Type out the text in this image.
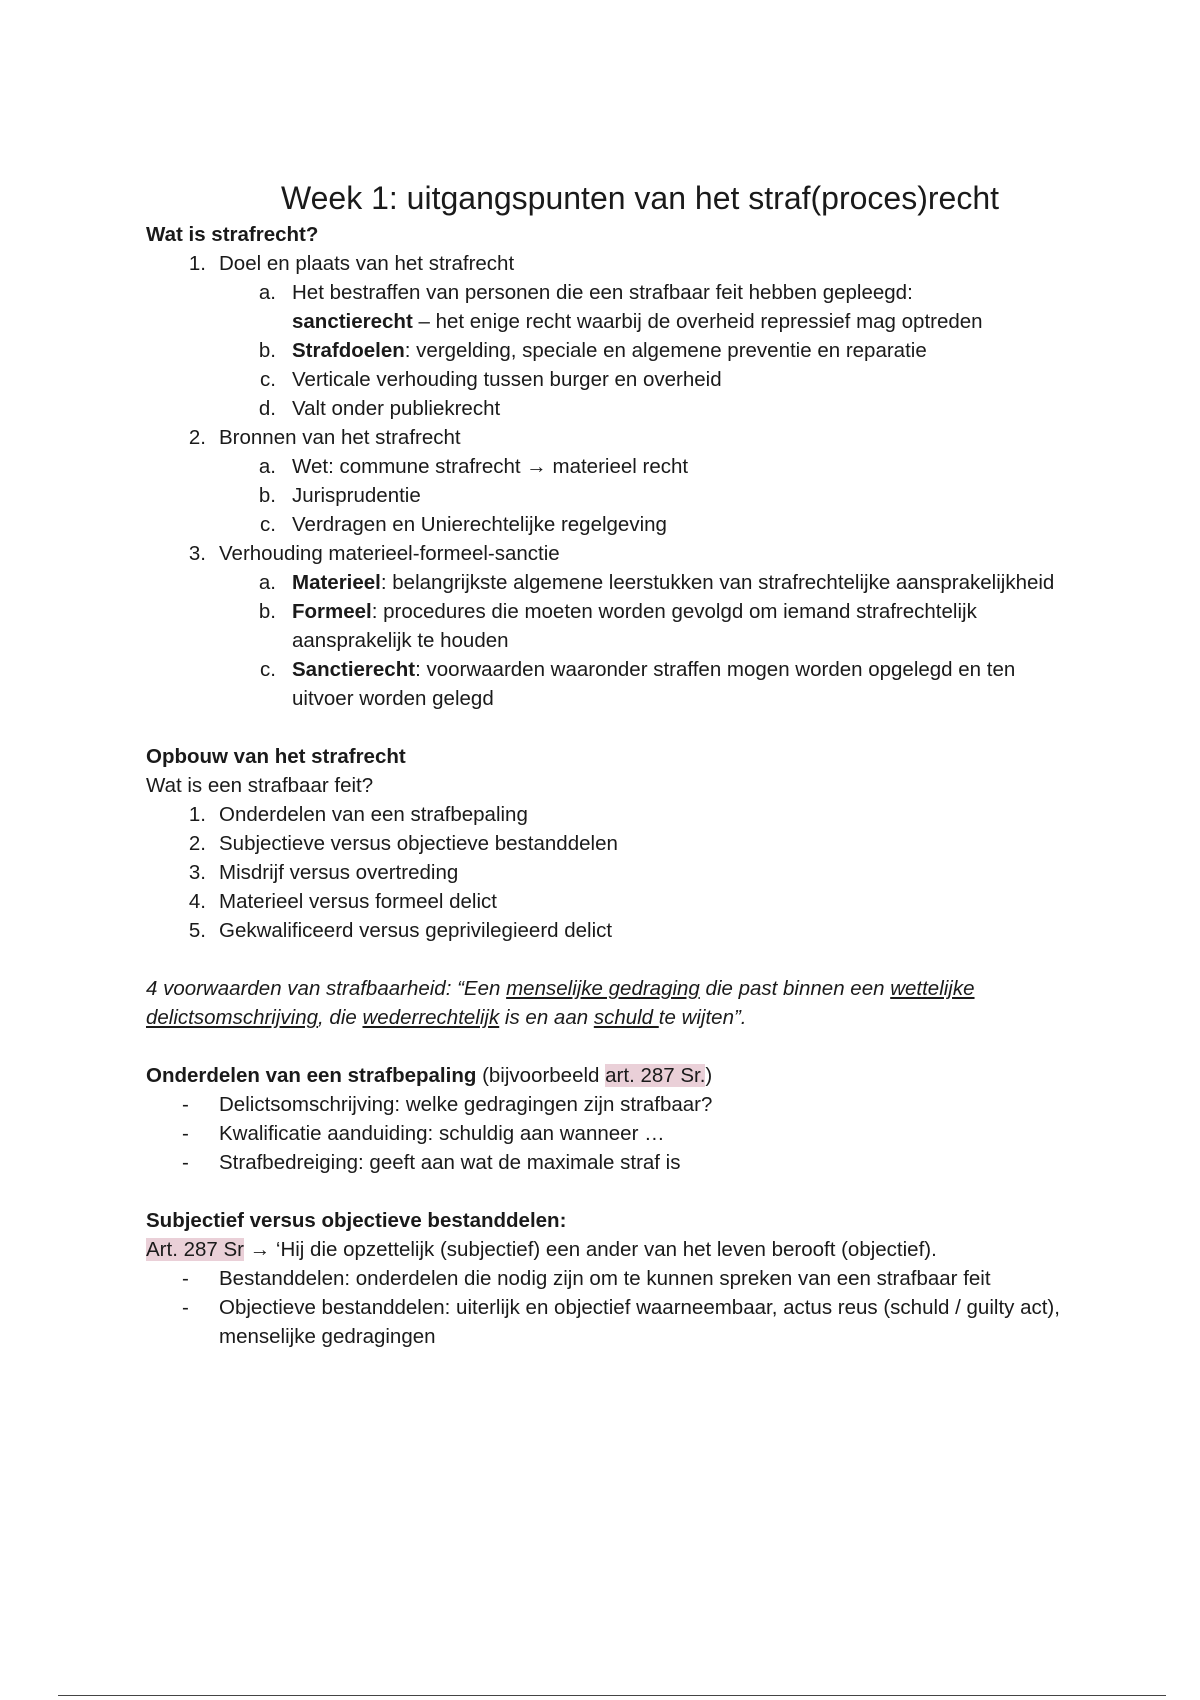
Week 1: uitgangspunten van het straf(proces)recht
Wat is strafrecht?
1. Doel en plaats van het strafrecht
a. Het bestraffen van personen die een strafbaar feit hebben gepleegd:
sanctierecht – het enige recht waarbij de overheid repressief mag optreden
b. Strafdoelen: vergelding, speciale en algemene preventie en reparatie
c. Verticale verhouding tussen burger en overheid
d. Valt onder publiekrecht
2. Bronnen van het strafrecht
a. Wet: commune strafrecht → materieel recht
b. Jurisprudentie
c. Verdragen en Unierechtelijke regelgeving
3. Verhouding materieel-formeel-sanctie
a. Materieel: belangrijkste algemene leerstukken van strafrechtelijke aansprakelijkheid
b. Formeel: procedures die moeten worden gevolgd om iemand strafrechtelijk aansprakelijk te houden
c. Sanctierecht: voorwaarden waaronder straffen mogen worden opgelegd en ten uitvoer worden gelegd
Opbouw van het strafrecht
Wat is een strafbaar feit?
1. Onderdelen van een strafbepaling
2. Subjectieve versus objectieve bestanddelen
3. Misdrijf versus overtreding
4. Materieel versus formeel delict
5. Gekwalificeerd versus geprivilegieerd delict
4 voorwaarden van strafbaarheid: “Een menselijke gedraging die past binnen een wettelijke delictsomschrijving, die wederrechtelijk is en aan schuld te wijten”.
Onderdelen van een strafbepaling (bijvoorbeeld art. 287 Sr.)
- Delictsomschrijving: welke gedragingen zijn strafbaar?
- Kwalificatie aanduiding: schuldig aan wanneer …
- Strafbedreiging: geeft aan wat de maximale straf is
Subjectief versus objectieve bestanddelen:
Art. 287 Sr → ‘Hij die opzettelijk (subjectief) een ander van het leven berooft (objectief).
- Bestanddelen: onderdelen die nodig zijn om te kunnen spreken van een strafbaar feit
- Objectieve bestanddelen: uiterlijk en objectief waarneembaar, actus reus (schuld / guilty act), menselijke gedragingen
